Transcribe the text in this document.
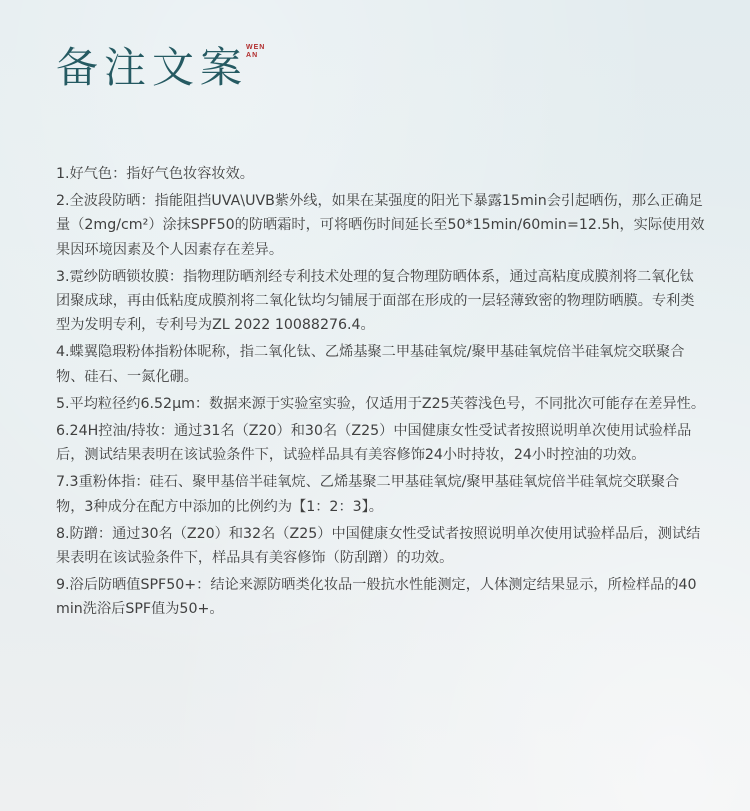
备注文案
WEN
AN
1.好气色：指好气色妆容妆效。
2.全波段防晒：指能阻挡UVA\UVB紫外线，如果在某强度的阳光下暴露15min会引起晒伤，那么正确足量（2mg/cm²）涂抹SPF50的防晒霜时，可将晒伤时间延长至50*15min/60min=12.5h，实际使用效果因环境因素及个人因素存在差异。
3.霓纱防晒锁妆膜：指物理防晒剂经专利技术处理的复合物理防晒体系，通过高粘度成膜剂将二氧化钛团聚成球，再由低粘度成膜剂将二氧化钛均匀铺展于面部在形成的一层轻薄致密的物理防晒膜。专利类型为发明专利，专利号为ZL 2022 10088276.4。
4.蝶翼隐瑕粉体指粉体昵称，指二氧化钛、乙烯基聚二甲基硅氧烷/聚甲基硅氧烷倍半硅氧烷交联聚合物、硅石、一氮化硼。
5.平均粒径约6.52μm：数据来源于实验室实验，仅适用于Z25芙蓉浅色号，不同批次可能存在差异性。
6.24H控油/持妆：通过31名（Z20）和30名（Z25）中国健康女性受试者按照说明单次使用试验样品后，测试结果表明在该试验条件下，试验样品具有美容修饰24小时持妆，24小时控油的功效。
7.3重粉体指：硅石、聚甲基倍半硅氧烷、乙烯基聚二甲基硅氧烷/聚甲基硅氧烷倍半硅氧烷交联聚合物，3种成分在配方中添加的比例约为【1：2：3】。
8.防蹭：通过30名（Z20）和32名（Z25）中国健康女性受试者按照说明单次使用试验样品后，测试结果表明在该试验条件下，样品具有美容修饰（防刮蹭）的功效。
9.浴后防晒值SPF50+：结论来源防晒类化妆品一般抗水性能测定，人体测定结果显示，所检样品的40min洗浴后SPF值为50+。
